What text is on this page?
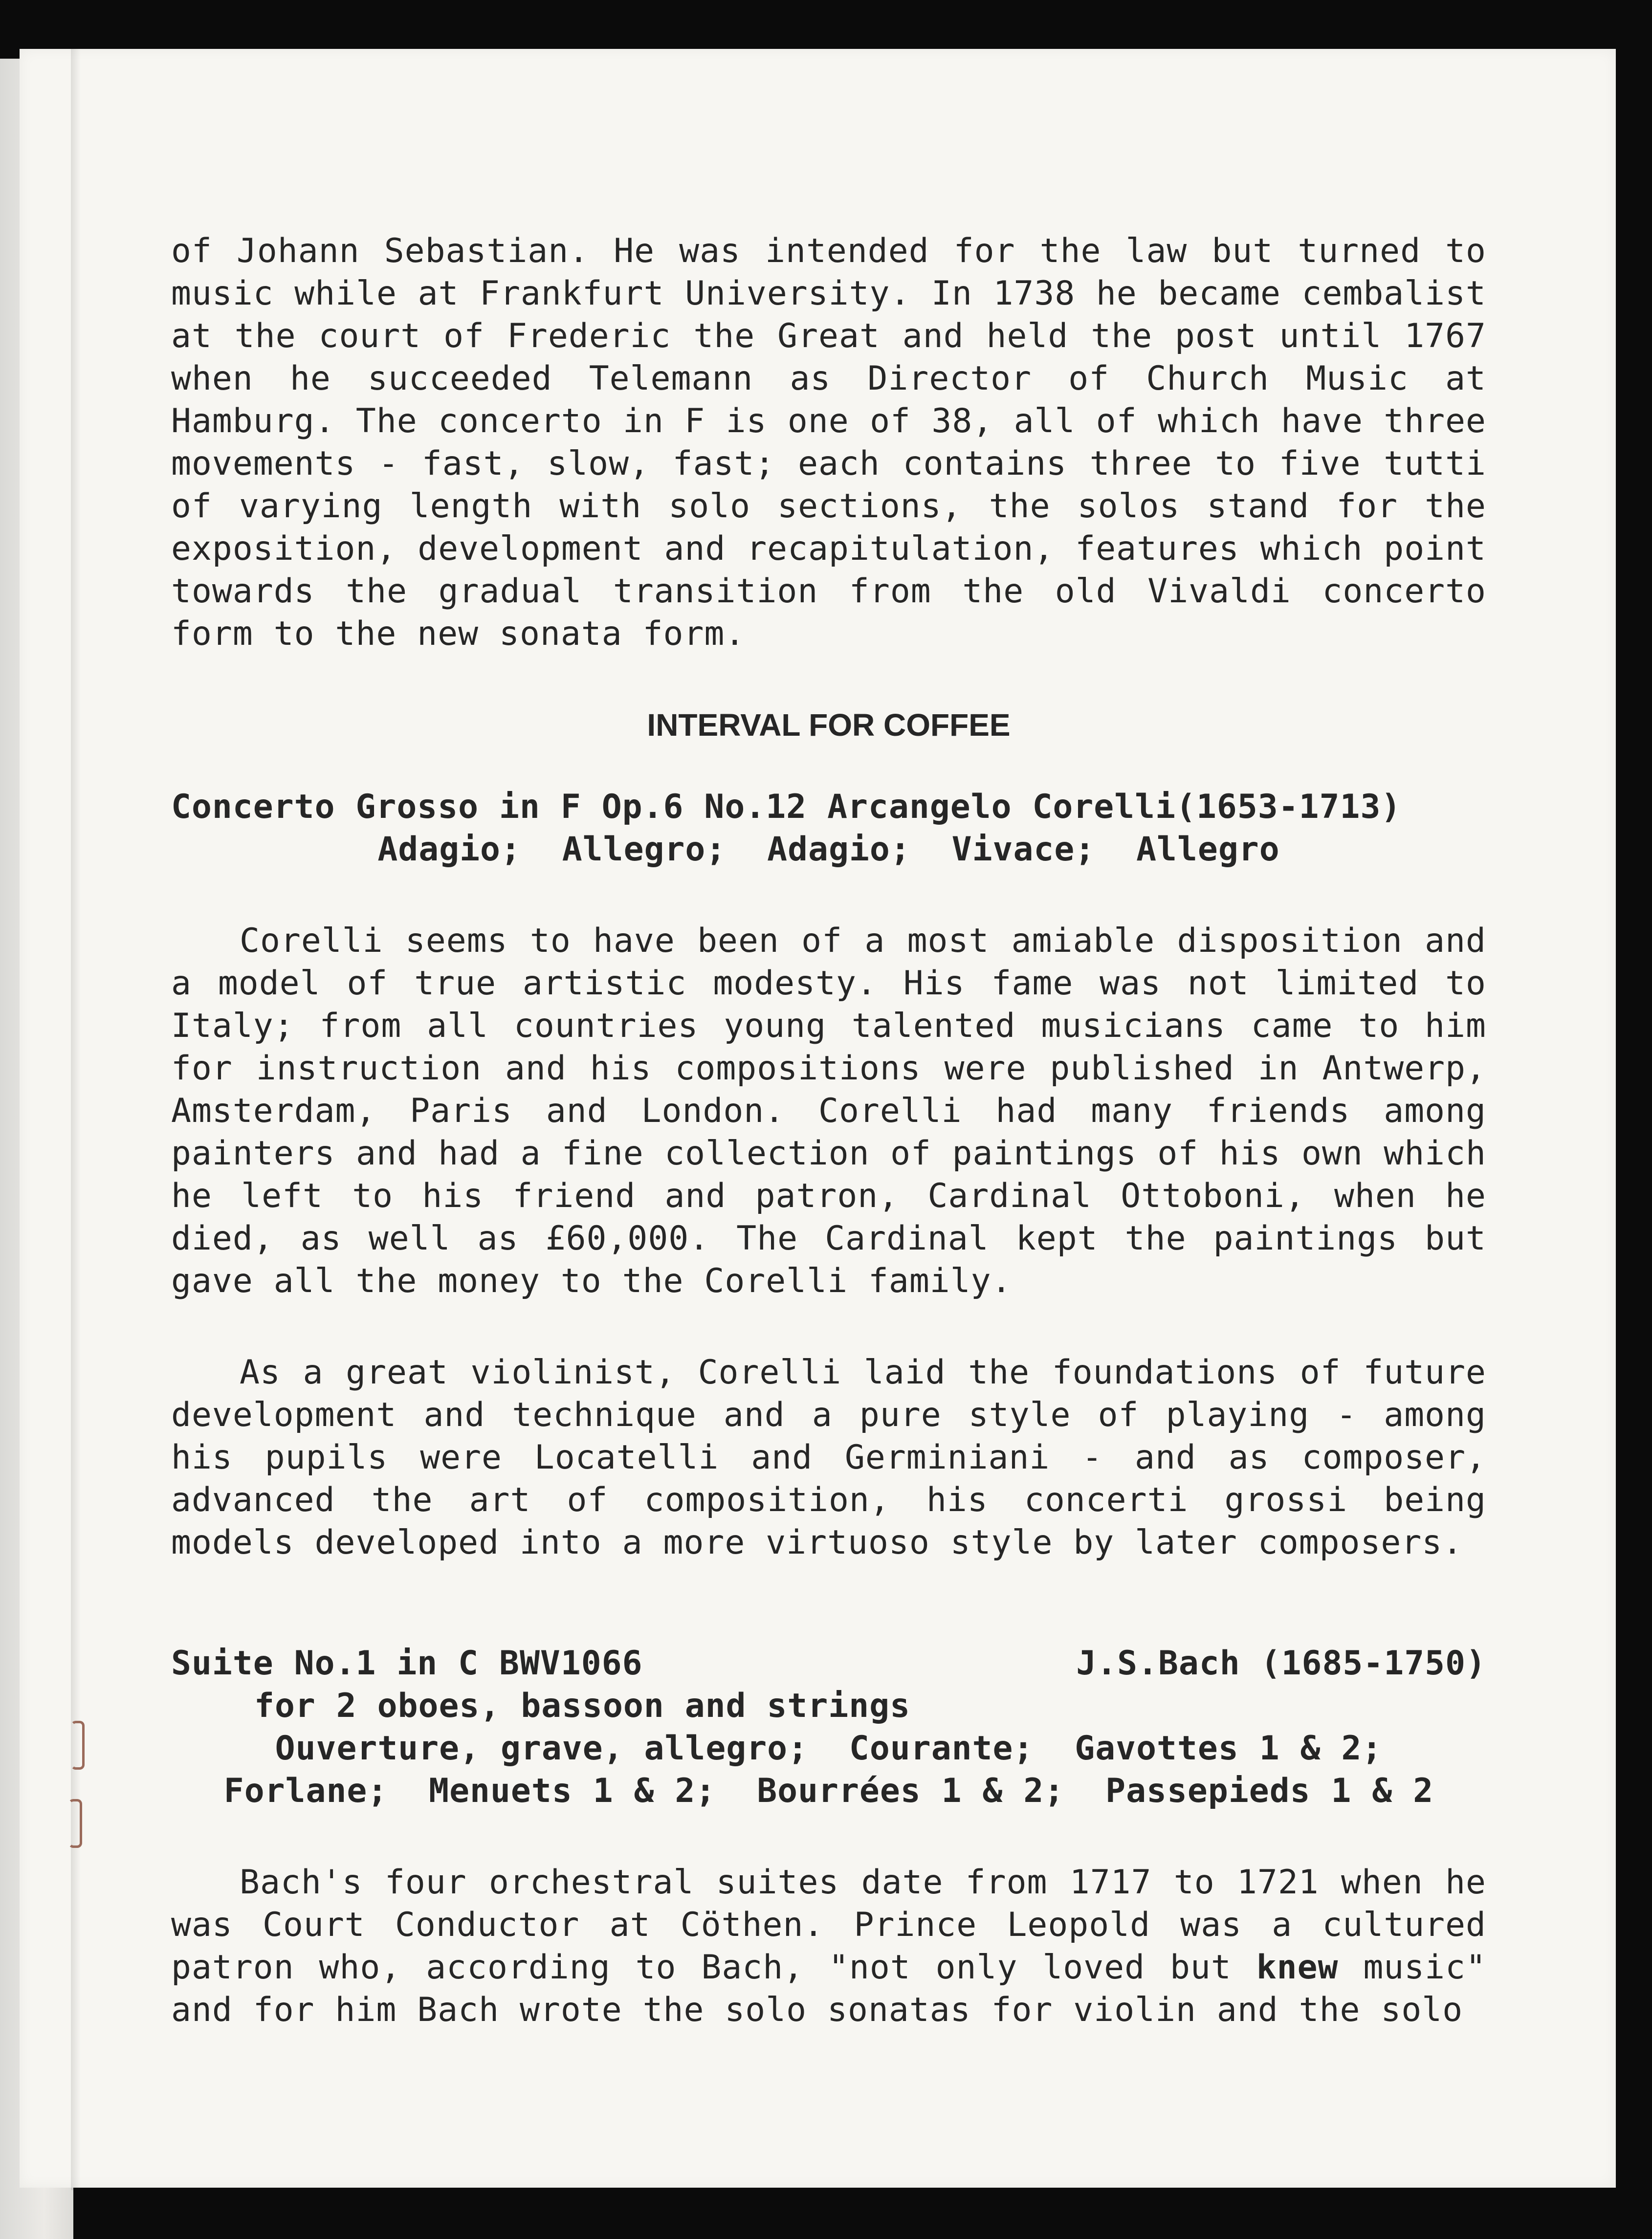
of Johann Sebastian. He was intended for the law but turned to music while at Frankfurt University. In 1738 he became cembalist at the court of Frederic the Great and held the post until 1767 when he succeeded Telemann as Director of Church Music at Hamburg. The concerto in F is one of 38, all of which have three movements - fast, slow, fast; each contains three to five tutti of varying length with solo sections, the solos stand for the exposition, development and recapitulation, features which point towards the gradual transition from the old Vivaldi concerto form to the new sonata form.

INTERVAL FOR COFFEE

Concerto Grosso in F Op.6 No.12 Arcangelo Corelli(1653-1713)

Adagio;  Allegro;  Adagio;  Vivace;  Allegro

Corelli seems to have been of a most amiable disposition and a model of true artistic modesty. His fame was not limited to Italy; from all countries young talented musicians came to him for instruction and his compositions were published in Antwerp, Amsterdam, Paris and London. Corelli had many friends among painters and had a fine collection of paintings of his own which he left to his friend and patron, Cardinal Ottoboni, when he died, as well as £60,000. The Cardinal kept the paintings but gave all the money to the Corelli family.

As a great violinist, Corelli laid the foundations of future development and technique and a pure style of playing - among his pupils were Locatelli and Germiniani - and as composer, advanced the art of composition, his concerti grossi being models developed into a more virtuoso style by later composers.

Suite No.1 in C BWV1066	J.S.Bach (1685-1750)

for 2 oboes, bassoon and strings

Ouverture, grave, allegro;  Courante;  Gavottes 1 & 2;

Forlane;  Menuets 1 & 2;  Bourrées 1 & 2;  Passepieds 1 & 2

Bach's four orchestral suites date from 1717 to 1721 when he was Court Conductor at Cöthen. Prince Leopold was a cultured patron who, according to Bach, "not only loved but knew music" and for him Bach wrote the solo sonatas for violin and the solo
